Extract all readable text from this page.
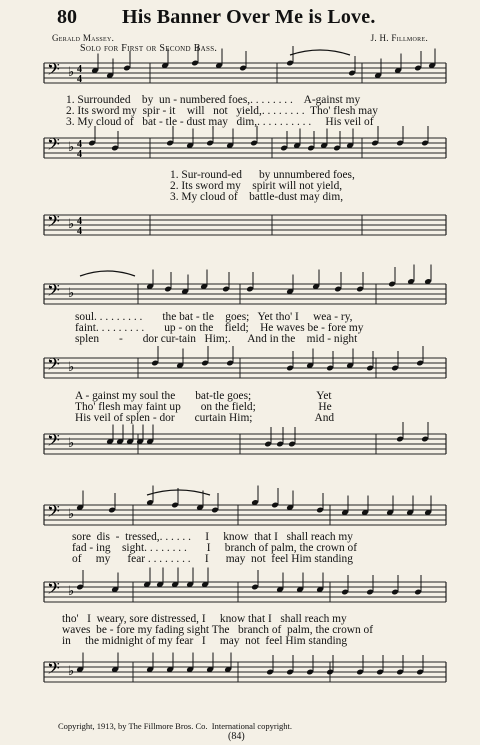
80 His Banner Over Me is Love.
Gerald Massey.	J. H. Fillmore.
Solo for First or Second Bass.
𝄢 ♭ 4
4
𝄢 ♭ 4
4
𝄢 ♭ 4
4
𝄢 ♭
𝄢 ♭
𝄢 ♭
𝄢 ♭
𝄢 ♭
𝄢 ♭
1. Surrounded    by  un - numbered foes,. . . . . . . .    A-gainst my
2. Its sword my  spir - it    will   not   yield,. . . . . . . .  Tho' flesh may
3. My cloud of   bat - tle - dust may   dim,. . . . . . . . . .     His veil of
1. Sur-round-ed      by unnumbered foes,
2. Its sword my    spirit will not yield,
3. My cloud of    battle-dust may dim,
soul. . . . . . . . .       the bat - tle    goes;   Yet tho' I     wea - ry,
faint. . . . . . . . .       up - on the    field;    He waves be - fore my
splen       -       dor cur-tain   Him;.      And in the    mid - night
A - gainst my soul the       bat-tle goes;                       Yet
Tho' flesh may faint up       on the field;                      He
His veil of splen - dor       curtain Him;                      And
sore  dis  -  tressed,. . . . . .     I     know  that I   shall reach my
fad - ing    sight. . . . . . . .       I     branch of palm, the crown of
of     my      fear . . . . . . . .     I      may  not  feel Him standing
tho'   I  weary, sore distressed, I     know that I   shall reach my
waves  be - fore my fading sight The   branch of  palm, the crown of
in     the midnight of my fear   I     may  not  feel Him standing
Copyright, 1913, by The Fillmore Bros. Co.  International copyright.
(84)
